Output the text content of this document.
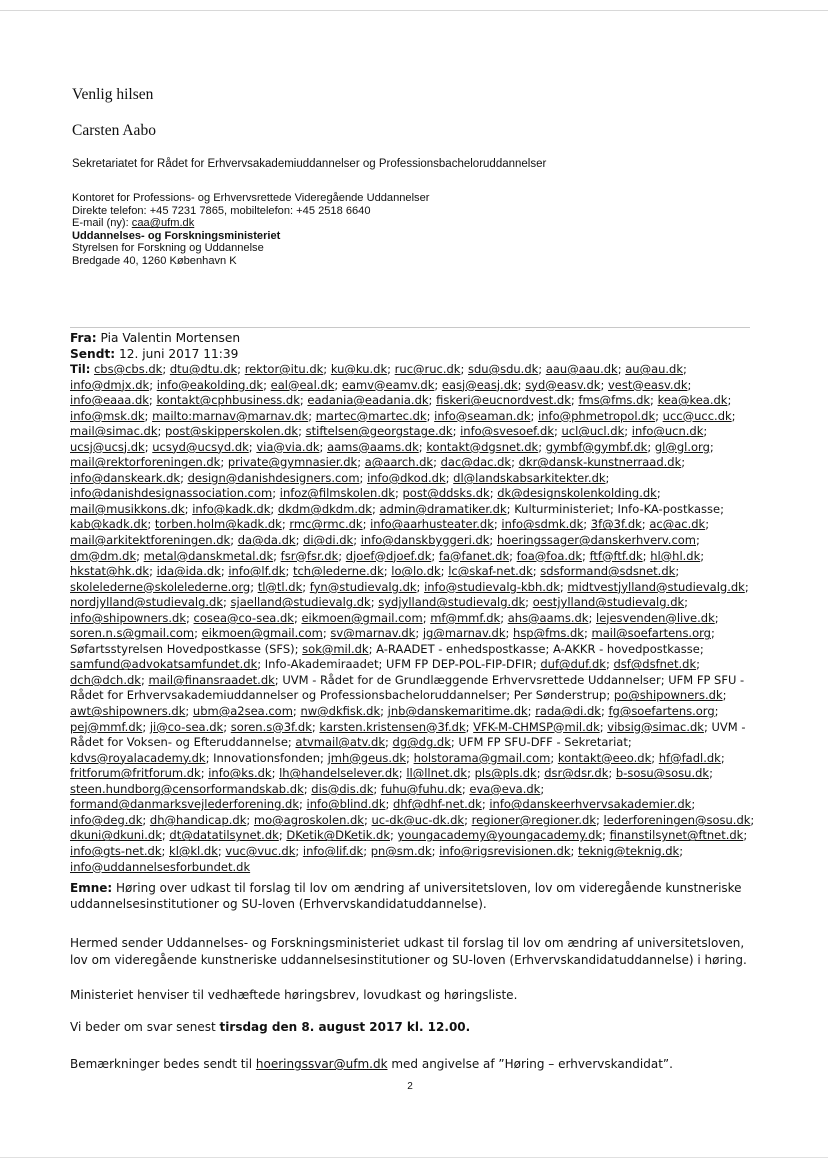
Venlig hilsen
Carsten Aabo
Sekretariatet for Rådet for Erhvervsakademiuddannelser og Professionsbacheloruddannelser
Kontoret for Professions- og Erhvervsrettede Videregående Uddannelser
Direkte telefon: +45 7231 7865, mobiltelefon: +45 2518 6640
E-mail (ny): caa@ufm.dk
Uddannelses- og Forskningsministeriet
Styrelsen for Forskning og Uddannelse
Bredgade 40, 1260 København K
Fra: Pia Valentin Mortensen
Sendt: 12. juni 2017 11:39
Til: cbs@cbs.dk; dtu@dtu.dk; rektor@itu.dk; ku@ku.dk; ruc@ruc.dk; sdu@sdu.dk; aau@aau.dk; au@au.dk; info@dmjx.dk; info@eakolding.dk; eal@eal.dk; eamv@eamv.dk; easj@easj.dk; syd@easv.dk; vest@easv.dk; info@eaaa.dk; kontakt@cphbusiness.dk; eadania@eadania.dk; fiskeri@eucnordvest.dk; fms@fms.dk; kea@kea.dk; info@msk.dk; mailto:marnav@marnav.dk; martec@martec.dk; info@seaman.dk; info@phmetropol.dk; ucc@ucc.dk; mail@simac.dk; post@skipperskolen.dk; stiftelsen@georgstage.dk; info@svesoef.dk; ucl@ucl.dk; info@ucn.dk; ucsj@ucsj.dk; ucsyd@ucsyd.dk; via@via.dk; aams@aams.dk; kontakt@dgsnet.dk; gymbf@gymbf.dk; gl@gl.org; mail@rektorforeningen.dk; private@gymnasier.dk; a@aarch.dk; dac@dac.dk; dkr@dansk-kunstnerraad.dk; info@danskeark.dk; design@danishdesigners.com; info@dkod.dk; dl@landskabsarkitekter.dk; info@danishdesignassociation.com; infoz@filmskolen.dk; post@ddsks.dk; dk@designskolenkolding.dk; mail@musikkons.dk; info@kadk.dk; dkdm@dkdm.dk; admin@dramatiker.dk; Kulturministeriet; Info-KA-postkasse; kab@kadk.dk; torben.holm@kadk.dk; rmc@rmc.dk; info@aarhusteater.dk; info@sdmk.dk; 3f@3f.dk; ac@ac.dk; mail@arkitektforeningen.dk; da@da.dk; di@di.dk; info@danskbyggeri.dk; hoeringssager@danskerhverv.com; dm@dm.dk; metal@danskmetal.dk; fsr@fsr.dk; djoef@djoef.dk; fa@fanet.dk; foa@foa.dk; ftf@ftf.dk; hl@hl.dk; hkstat@hk.dk; ida@ida.dk; info@lf.dk; tch@lederne.dk; lo@lo.dk; lc@skaf-net.dk; sdsformand@sdsnet.dk; skolelederne@skolelederne.org; tl@tl.dk; fyn@studievalg.dk; info@studievalg-kbh.dk; midtvestjylland@studievalg.dk; nordjylland@studievalg.dk; sjaelland@studievalg.dk; sydjylland@studievalg.dk; oestjylland@studievalg.dk; info@shipowners.dk; cosea@co-sea.dk; eikmoen@gmail.com; mf@mmf.dk; ahs@aams.dk; lejesvenden@live.dk; soren.n.s@gmail.com; eikmoen@gmail.com; sv@marnav.dk; jg@marnav.dk; hsp@fms.dk; mail@soefartens.org; Søfartsstyrelsen Hovedpostkasse (SFS); sok@mil.dk; A-RAADET - enhedspostkasse; A-AKKR - hovedpostkasse; samfund@advokatsamfundet.dk; Info-Akademiraadet; UFM FP DEP-POL-FIP-DFIR; duf@duf.dk; dsf@dsfnet.dk; dch@dch.dk; mail@finansraadet.dk; UVM - Rådet for de Grundlæggende Erhvervsrettede Uddannelser; UFM FP SFU - Rådet for Erhvervsakademiuddannelser og Professionsbacheloruddannelser; Per Sønderstrup; po@shipowners.dk; awt@shipowners.dk; ubm@a2sea.com; nw@dkfisk.dk; jnb@danskemaritime.dk; rada@di.dk; fg@soefartens.org; pej@mmf.dk; ji@co-sea.dk; soren.s@3f.dk; karsten.kristensen@3f.dk; VFK-M-CHMSP@mil.dk; vibsig@simac.dk; UVM - Rådet for Voksen- og Efteruddannelse; atvmail@atv.dk; dg@dg.dk; UFM FP SFU-DFF - Sekretariat; kdvs@royalacademy.dk; Innovationsfonden; jmh@geus.dk; holstorama@gmail.com; kontakt@eeo.dk; hf@fadl.dk; fritforum@fritforum.dk; info@ks.dk; lh@handelselever.dk; ll@llnet.dk; pls@pls.dk; dsr@dsr.dk; b-sosu@sosu.dk; steen.hundborg@censorformandskab.dk; dis@dis.dk; fuhu@fuhu.dk; eva@eva.dk; formand@danmarksvejlederforening.dk; info@blind.dk; dhf@dhf-net.dk; info@danskeerhvervsakademier.dk; info@deg.dk; dh@handicap.dk; mo@agroskolen.dk; uc-dk@uc-dk.dk; regioner@regioner.dk; lederforeningen@sosu.dk; dkuni@dkuni.dk; dt@datatilsynet.dk; DKetik@DKetik.dk; youngacademy@youngacademy.dk; finanstilsynet@ftnet.dk; info@gts-net.dk; kl@kl.dk; vuc@vuc.dk; info@lif.dk; pn@sm.dk; info@rigsrevisionen.dk; teknig@teknig.dk; info@uddannelsesforbundet.dk
Emne: Høring over udkast til forslag til lov om ændring af universitetsloven, lov om videregående kunstneriske uddannelsesinstitutioner og SU-loven (Erhvervskandidatuddannelse).
Hermed sender Uddannelses- og Forskningsministeriet udkast til forslag til lov om ændring af universitetsloven, lov om videregående kunstneriske uddannelsesinstitutioner og SU-loven (Erhvervskandidatuddannelse) i høring.
Ministeriet henviser til vedhæftede høringsbrev, lovudkast og høringsliste.
Vi beder om svar senest tirsdag den 8. august 2017 kl. 12.00.
Bemærkninger bedes sendt til hoeringssvar@ufm.dk med angivelse af ”Høring – erhvervskandidat”.
2
